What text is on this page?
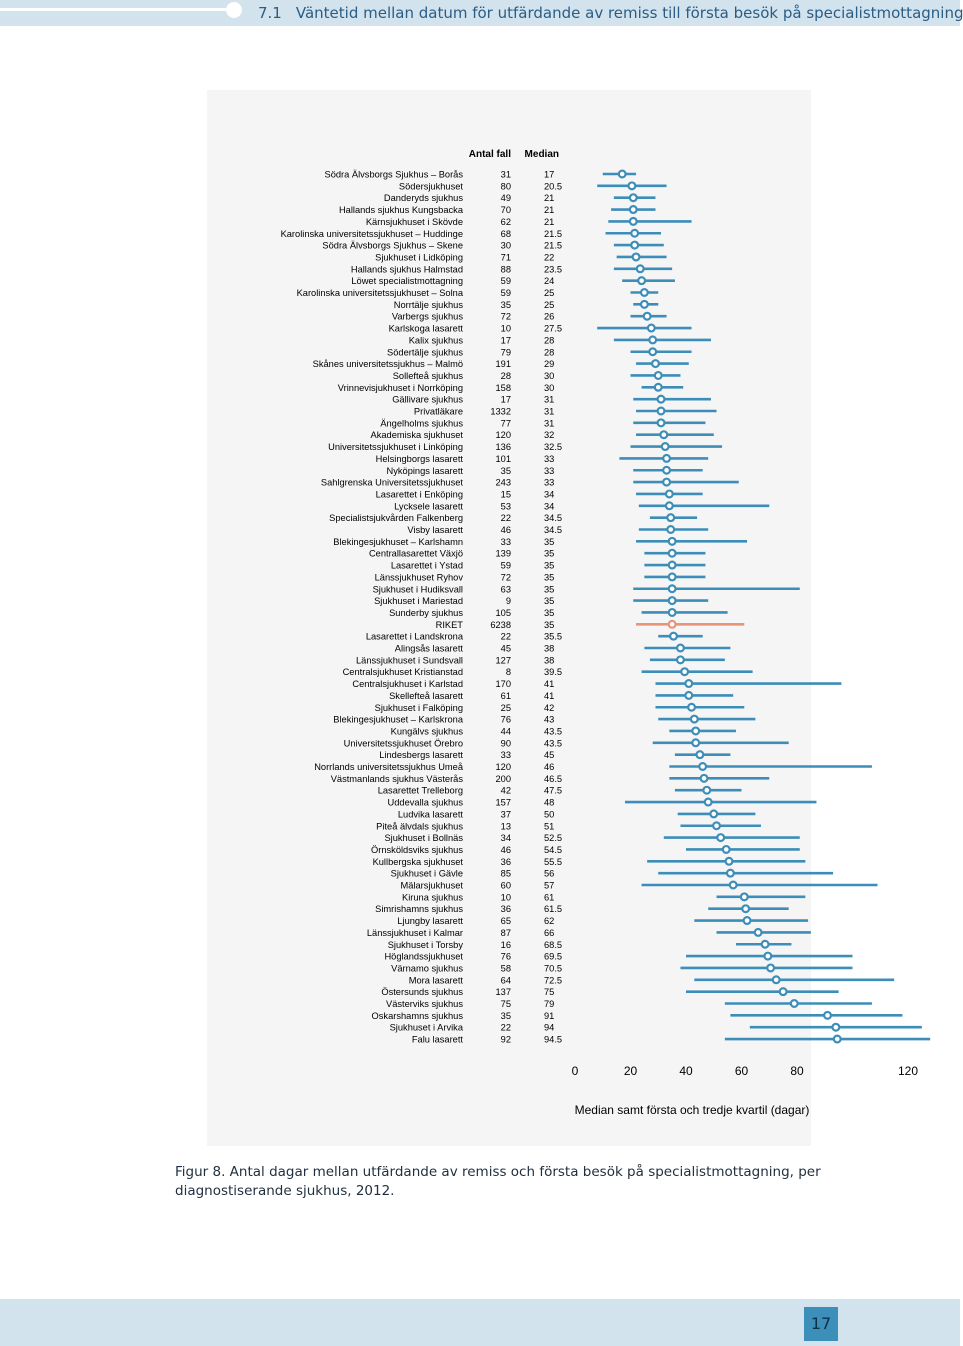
7.1 Väntetid mellan datum för utfärdande av remiss till första besök på specialistmottagning
Antal fall Median
Södra Älvsborgs Sjukhus – Borås	31	17
Södersjukhuset	80	20.5
Danderyds sjukhus	49	21
Hallands sjukhus Kungsbacka	70	21
Kärnsjukhuset i Skövde	62	21
Karolinska universitetssjukhuset – Huddinge	68	21.5
Södra Älvsborgs Sjukhus – Skene	30	21.5
Sjukhuset i Lidköping	71	22
Hallands sjukhus Halmstad	88	23.5
Löwet specialistmottagning	59	24
Karolinska universitetssjukhuset – Solna	59	25
Norrtälje sjukhus	35	25
Varbergs sjukhus	72	26
Karlskoga lasarett	10	27.5
Kalix sjukhus	17	28
Södertälje sjukhus	79	28
Skånes universitetssjukhus – Malmö	191	29
Sollefteå sjukhus	28	30
Vrinnevisjukhuset i Norrköping	158	30
Gällivare sjukhus	17	31
Privatläkare	1332	31
Ängelholms sjukhus	77	31
Akademiska sjukhuset	120	32
Universitetssjukhuset i Linköping	136	32.5
Helsingborgs lasarett	101	33
Nyköpings lasarett	35	33
Sahlgrenska Universitetssjukhuset	243	33
Lasarettet i Enköping	15	34
Lycksele lasarett	53	34
Specialistsjukvården Falkenberg	22	34.5
Visby lasarett	46	34.5
Blekingesjukhuset – Karlshamn	33	35
Centrallasarettet Växjö	139	35
Lasarettet i Ystad	59	35
Länssjukhuset Ryhov	72	35
Sjukhuset i Hudiksvall	63	35
Sjukhuset i Mariestad	9	35
Sunderby sjukhus	105	35
RIKET	6238	35
Lasarettet i Landskrona	22	35.5
Alingsås lasarett	45	38
Länssjukhuset i Sundsvall	127	38
Centralsjukhuset Kristianstad	8	39.5
Centralsjukhuset i Karlstad	170	41
Skellefteå lasarett	61	41
Sjukhuset i Falköping	25	42
Blekingesjukhuset – Karlskrona	76	43
Kungälvs sjukhus	44	43.5
Universitetssjukhuset Örebro	90	43.5
Lindesbergs lasarett	33	45
Norrlands universitetssjukhus Umeå	120	46
Västmanlands sjukhus Västerås	200	46.5
Lasarettet Trelleborg	42	47.5
Uddevalla sjukhus	157	48
Ludvika lasarett	37	50
Piteå älvdals sjukhus	13	51
Sjukhuset i Bollnäs	34	52.5
Örnsköldsviks sjukhus	46	54.5
Kullbergska sjukhuset	36	55.5
Sjukhuset i Gävle	85	56
Mälarsjukhuset	60	57
Kiruna sjukhus	10	61
Simrishamns sjukhus	36	61.5
Ljungby lasarett	65	62
Länssjukhuset i Kalmar	87	66
Sjukhuset i Torsby	16	68.5
Höglandssjukhuset	76	69.5
Värnamo sjukhus	58	70.5
Mora lasarett	64	72.5
Östersunds sjukhus	137	75
Västerviks sjukhus	75	79
Oskarshamns sjukhus	35	91
Sjukhuset i Arvika	22	94
Falu lasarett	92	94.5
0	20	40	60	80	120
Median samt första och tredje kvartil (dagar)
Figur 8. Antal dagar mellan utfärdande av remiss och första besök på specialistmottagning, per diagnostiserande sjukhus, 2012.
17
